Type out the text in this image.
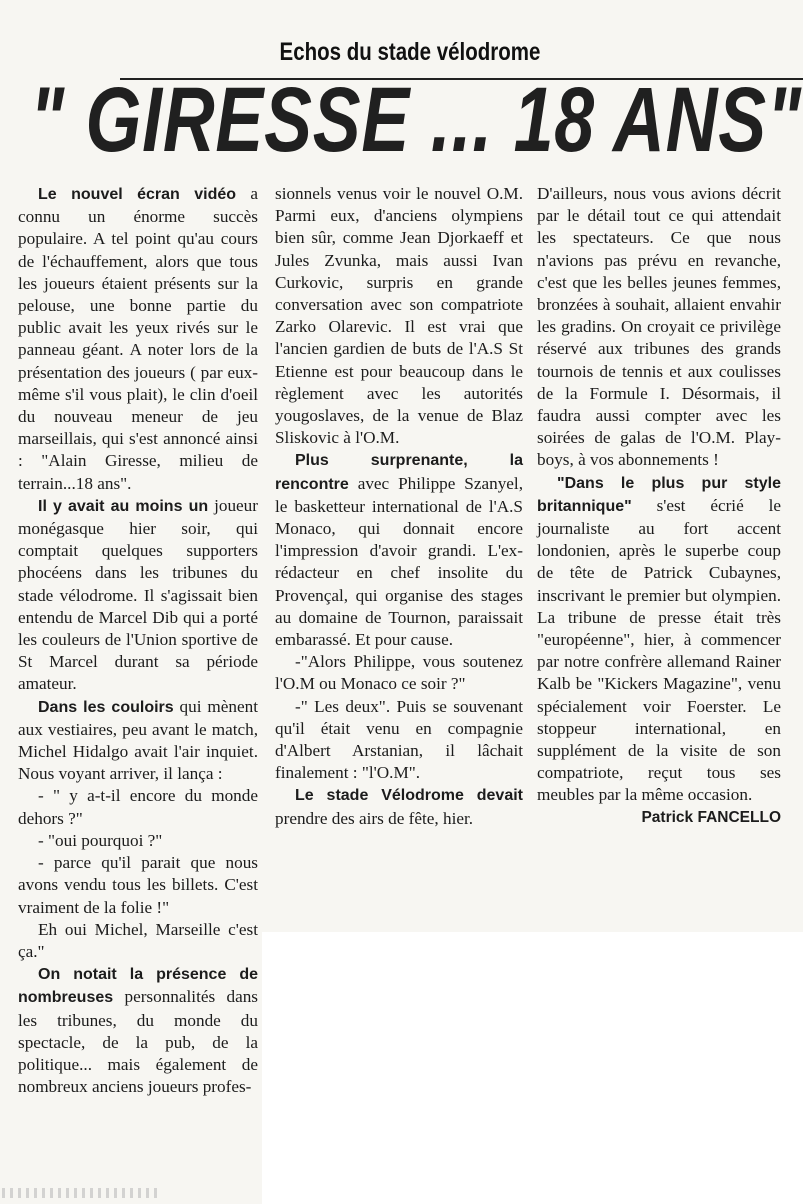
Echos du stade vélodrome
" GIRESSE ... 18 ANS"

Le nouvel écran vidéo a connu un énorme succès populaire. A tel point qu'au cours de l'échauffement, alors que tous les joueurs étaient présents sur la pelouse, une bonne partie du public avait les yeux rivés sur le panneau géant. A noter lors de la présentation des joueurs ( par eux-même s'il vous plait), le clin d'oeil du nouveau meneur de jeu marseillais, qui s'est annoncé ainsi : "Alain Giresse, milieu de terrain...18 ans".

Il y avait au moins un joueur monégasque hier soir, qui comptait quelques supporters phocéens dans les tribunes du stade vélodrome. Il s'agissait bien entendu de Marcel Dib qui a porté les couleurs de l'Union sportive de St Marcel durant sa période amateur.

Dans les couloirs qui mènent aux vestiaires, peu avant le match, Michel Hidalgo avait l'air inquiet. Nous voyant arriver, il lança :

- " y a-t-il encore du monde dehors ?"

- "oui pourquoi ?"

- parce qu'il parait que nous avons vendu tous les billets. C'est vraiment de la folie !"

Eh oui Michel, Marseille c'est ça."

On notait la présence de nombreuses personnalités dans les tribunes, du monde du spectacle, de la pub, de la politique... mais également de nombreux anciens joueurs profes-

sionnels venus voir le nouvel O.M. Parmi eux, d'anciens olympiens bien sûr, comme Jean Djorkaeff et Jules Zvunka, mais aussi Ivan Curkovic, surpris en grande conversation avec son compatriote Zarko Olarevic. Il est vrai que l'ancien gardien de buts de l'A.S St Etienne est pour beaucoup dans le règlement avec les autorités yougoslaves, de la venue de Blaz Sliskovic à l'O.M.

Plus surprenante, la rencontre avec Philippe Szanyel, le basketteur international de l'A.S Monaco, qui donnait encore l'impression d'avoir grandi. L'ex-rédacteur en chef insolite du Provençal, qui organise des stages au domaine de Tournon, paraissait embarassé. Et pour cause.

-"Alors Philippe, vous soutenez l'O.M ou Monaco ce soir ?"

-" Les deux". Puis se souvenant qu'il était venu en compagnie d'Albert Arstanian, il lâchait finalement : "l'O.M".

Le stade Vélodrome devait prendre des airs de fête, hier.

D'ailleurs, nous vous avions décrit par le détail tout ce qui attendait les spectateurs. Ce que nous n'avions pas prévu en revanche, c'est que les belles jeunes femmes, bronzées à souhait, allaient envahir les gradins. On croyait ce privilège réservé aux tribunes des grands tournois de tennis et aux coulisses de la Formule I. Désormais, il faudra aussi compter avec les soirées de galas de l'O.M. Play-boys, à vos abonnements !

"Dans le plus pur style britannique" s'est écrié le journaliste au fort accent londonien, après le superbe coup de tête de Patrick Cubaynes, inscrivant le premier but olympien. La tribune de presse était très "européenne", hier, à commencer par notre confrère allemand Rainer Kalb be "Kickers Magazine", venu spécialement voir Foerster. Le stoppeur international, en supplément de la visite de son compatriote, reçut tous ses meubles par la même occasion.

Patrick FANCELLO
